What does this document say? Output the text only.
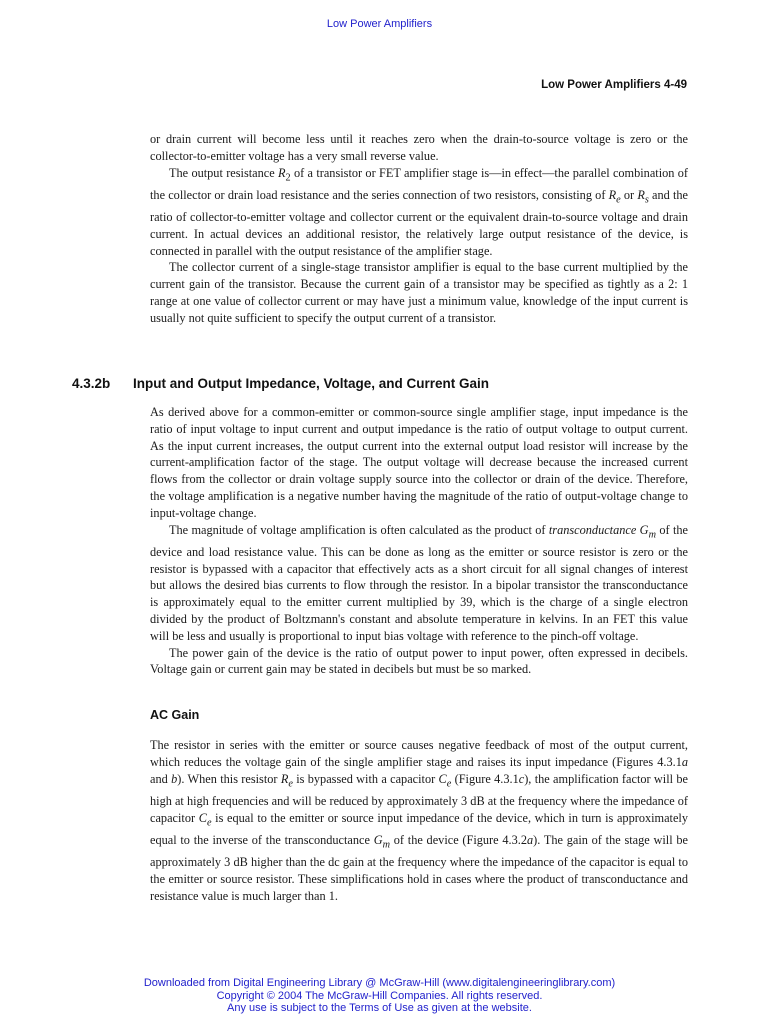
Low Power Amplifiers
Low Power Amplifiers 4-49

or drain current will become less until it reaches zero when the drain-to-source voltage is zero or the collector-to-emitter voltage has a very small reverse value.

The output resistance $R_2$ of a transistor or FET amplifier stage is—in effect—the parallel combination of the collector or drain load resistance and the series connection of two resistors, consisting of $R_e$ or $R_s$ and the ratio of collector-to-emitter voltage and collector current or the equivalent drain-to-source voltage and drain current. In actual devices an additional resistor, the relatively large output resistance of the device, is connected in parallel with the output resistance of the amplifier stage.

The collector current of a single-stage transistor amplifier is equal to the base current multiplied by the current gain of the transistor. Because the current gain of a transistor may be specified as tightly as a 2: 1 range at one value of collector current or may have just a minimum value, knowledge of the input current is usually not quite sufficient to specify the output current of a transistor.

4.3.2b Input and Output Impedance, Voltage, and Current Gain

As derived above for a common-emitter or common-source single amplifier stage, input impedance is the ratio of input voltage to input current and output impedance is the ratio of output voltage to output current. As the input current increases, the output current into the external output load resistor will increase by the current-amplification factor of the stage. The output voltage will decrease because the increased current flows from the collector or drain voltage supply source into the collector or drain of the device. Therefore, the voltage amplification is a negative number having the magnitude of the ratio of output-voltage change to input-voltage change.

The magnitude of voltage amplification is often calculated as the product of transconductance $G_m$ of the device and load resistance value. This can be done as long as the emitter or source resistor is zero or the resistor is bypassed with a capacitor that effectively acts as a short circuit for all signal changes of interest but allows the desired bias currents to flow through the resistor. In a bipolar transistor the transconductance is approximately equal to the emitter current multiplied by 39, which is the charge of a single electron divided by the product of Boltzmann's constant and absolute temperature in kelvins. In an FET this value will be less and usually is proportional to input bias voltage with reference to the pinch-off voltage.

The power gain of the device is the ratio of output power to input power, often expressed in decibels. Voltage gain or current gain may be stated in decibels but must be so marked.

AC Gain

The resistor in series with the emitter or source causes negative feedback of most of the output current, which reduces the voltage gain of the single amplifier stage and raises its input impedance (Figures 4.3.1a and b). When this resistor $R_e$ is bypassed with a capacitor $C_e$ (Figure 4.3.1c), the amplification factor will be high at high frequencies and will be reduced by approximately 3 dB at the frequency where the impedance of capacitor $C_e$ is equal to the emitter or source input impedance of the device, which in turn is approximately equal to the inverse of the transconductance $G_m$ of the device (Figure 4.3.2a). The gain of the stage will be approximately 3 dB higher than the dc gain at the frequency where the impedance of the capacitor is equal to the emitter or source resistor. These simplifications hold in cases where the product of transconductance and resistance value is much larger than 1.

Downloaded from Digital Engineering Library @ McGraw-Hill (www.digitalengineeringlibrary.com)
Copyright © 2004 The McGraw-Hill Companies. All rights reserved.
Any use is subject to the Terms of Use as given at the website.
